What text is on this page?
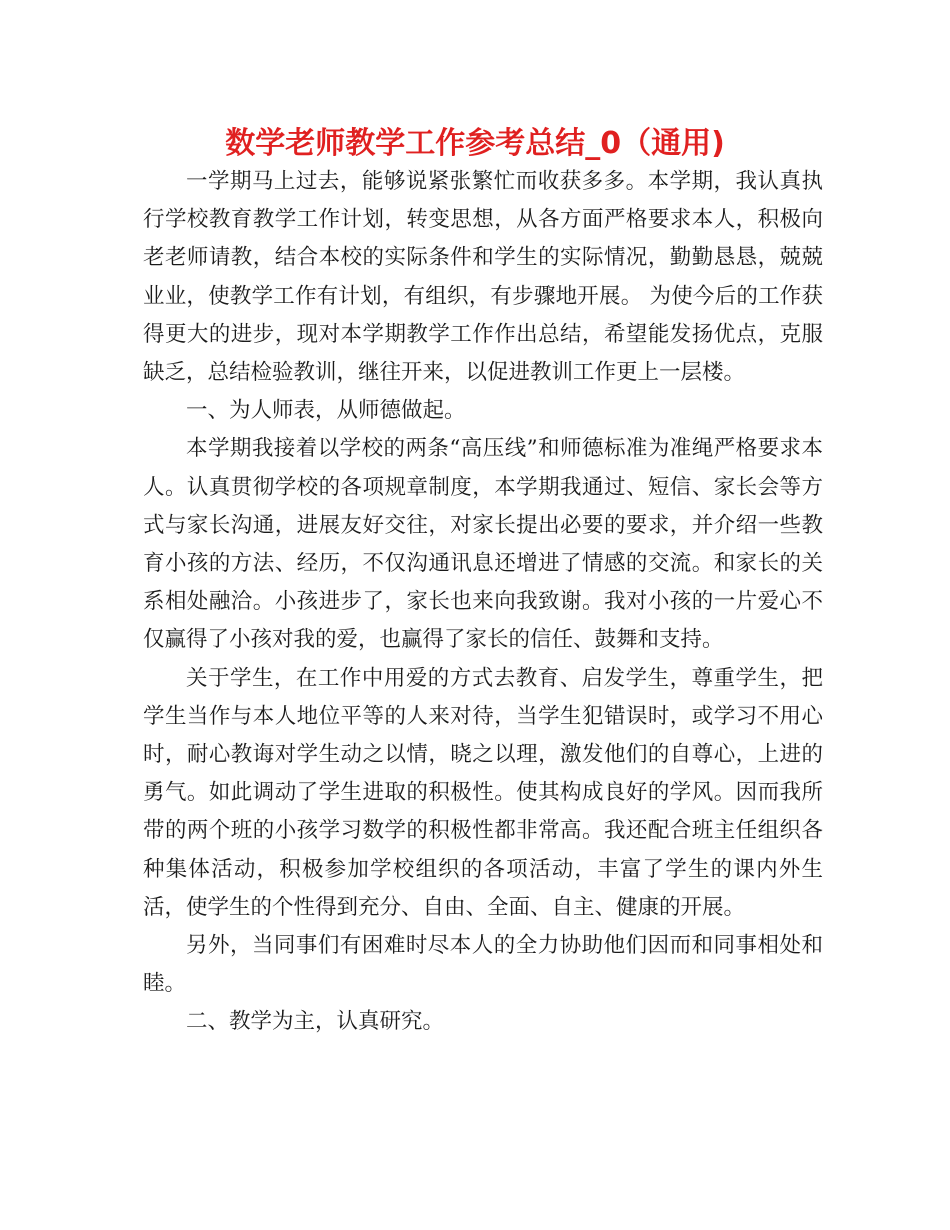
数学老师教学工作参考总结_0（通用)

一学期马上过去，能够说紧张繁忙而收获多多。本学期，我认真执行学校教育教学工作计划，转变思想，从各方面严格要求本人，积极向老老师请教，结合本校的实际条件和学生的实际情况，勤勤恳恳，兢兢业业，使教学工作有计划，有组织，有步骤地开展。 为使今后的工作获得更大的进步，现对本学期教学工作作出总结，希望能发扬优点，克服缺乏，总结检验教训，继往开来，以促进教训工作更上一层楼。

一、为人师表，从师德做起。

本学期我接着以学校的两条“高压线”和师德标准为准绳严格要求本人。认真贯彻学校的各项规章制度，本学期我通过、短信、家长会等方式与家长沟通，进展友好交往，对家长提出必要的要求，并介绍一些教育小孩的方法、经历，不仅沟通讯息还增进了情感的交流。和家长的关系相处融洽。小孩进步了，家长也来向我致谢。我对小孩的一片爱心不仅赢得了小孩对我的爱，也赢得了家长的信任、鼓舞和支持。

关于学生，在工作中用爱的方式去教育、启发学生，尊重学生，把学生当作与本人地位平等的人来对待，当学生犯错误时，或学习不用心时，耐心教诲对学生动之以情，晓之以理，激发他们的自尊心，上进的勇气。如此调动了学生进取的积极性。使其构成良好的学风。因而我所带的两个班的小孩学习数学的积极性都非常高。我还配合班主任组织各种集体活动，积极参加学校组织的各项活动，丰富了学生的课内外生活，使学生的个性得到充分、自由、全面、自主、健康的开展。

另外，当同事们有困难时尽本人的全力协助他们因而和同事相处和睦。

二、教学为主，认真研究。
